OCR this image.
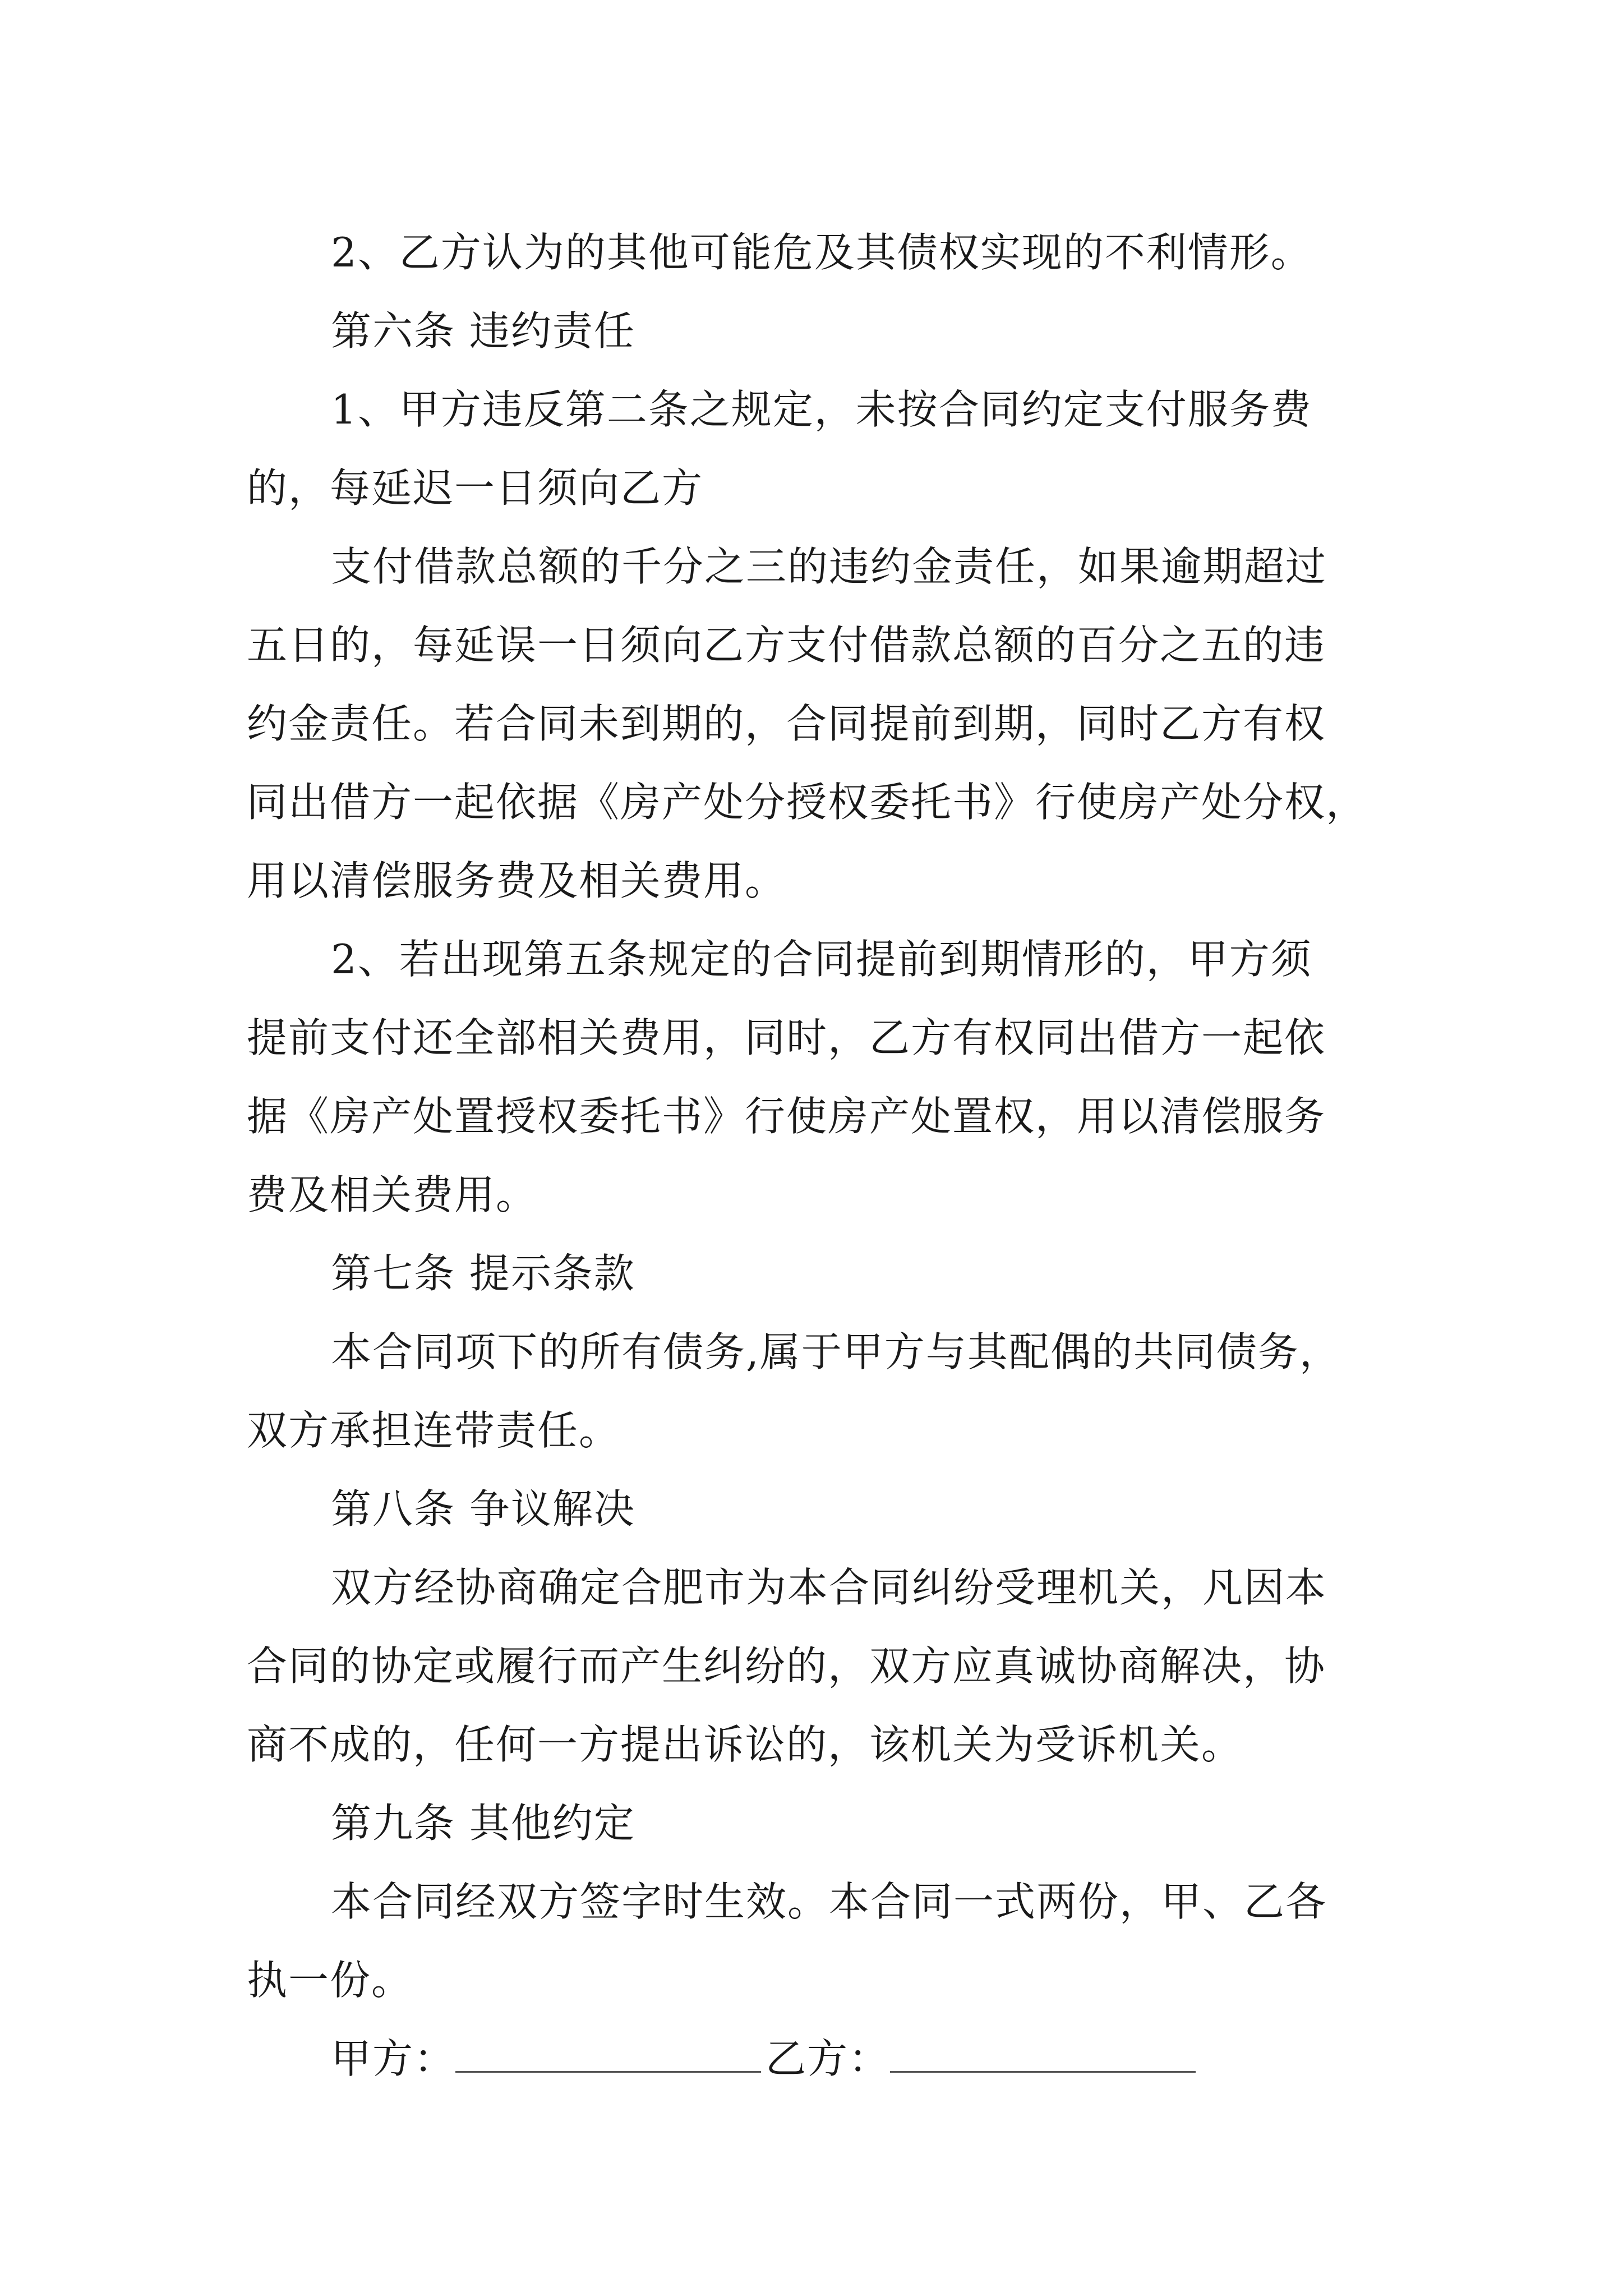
2、乙方认为的其他可能危及其债权实现的不利情形。
第六条 违约责任
1、甲方违反第二条之规定，未按合同约定支付服务费
的，每延迟一日须向乙方
支付借款总额的千分之三的违约金责任，如果逾期超过
五日的，每延误一日须向乙方支付借款总额的百分之五的违
约金责任。若合同未到期的，合同提前到期，同时乙方有权
同出借方一起依据《房产处分授权委托书》行使房产处分权，
用以清偿服务费及相关费用。
2、若出现第五条规定的合同提前到期情形的，甲方须
提前支付还全部相关费用，同时，乙方有权同出借方一起依
据《房产处置授权委托书》行使房产处置权，用以清偿服务
费及相关费用。
第七条 提示条款
本合同项下的所有债务,属于甲方与其配偶的共同债务，
双方承担连带责任。
第八条 争议解决
双方经协商确定合肥市为本合同纠纷受理机关，凡因本
合同的协定或履行而产生纠纷的，双方应真诚协商解决，协
商不成的，任何一方提出诉讼的，该机关为受诉机关。
第九条 其他约定
本合同经双方签字时生效。本合同一式两份，甲、乙各
执一份。
甲方：	乙方：
